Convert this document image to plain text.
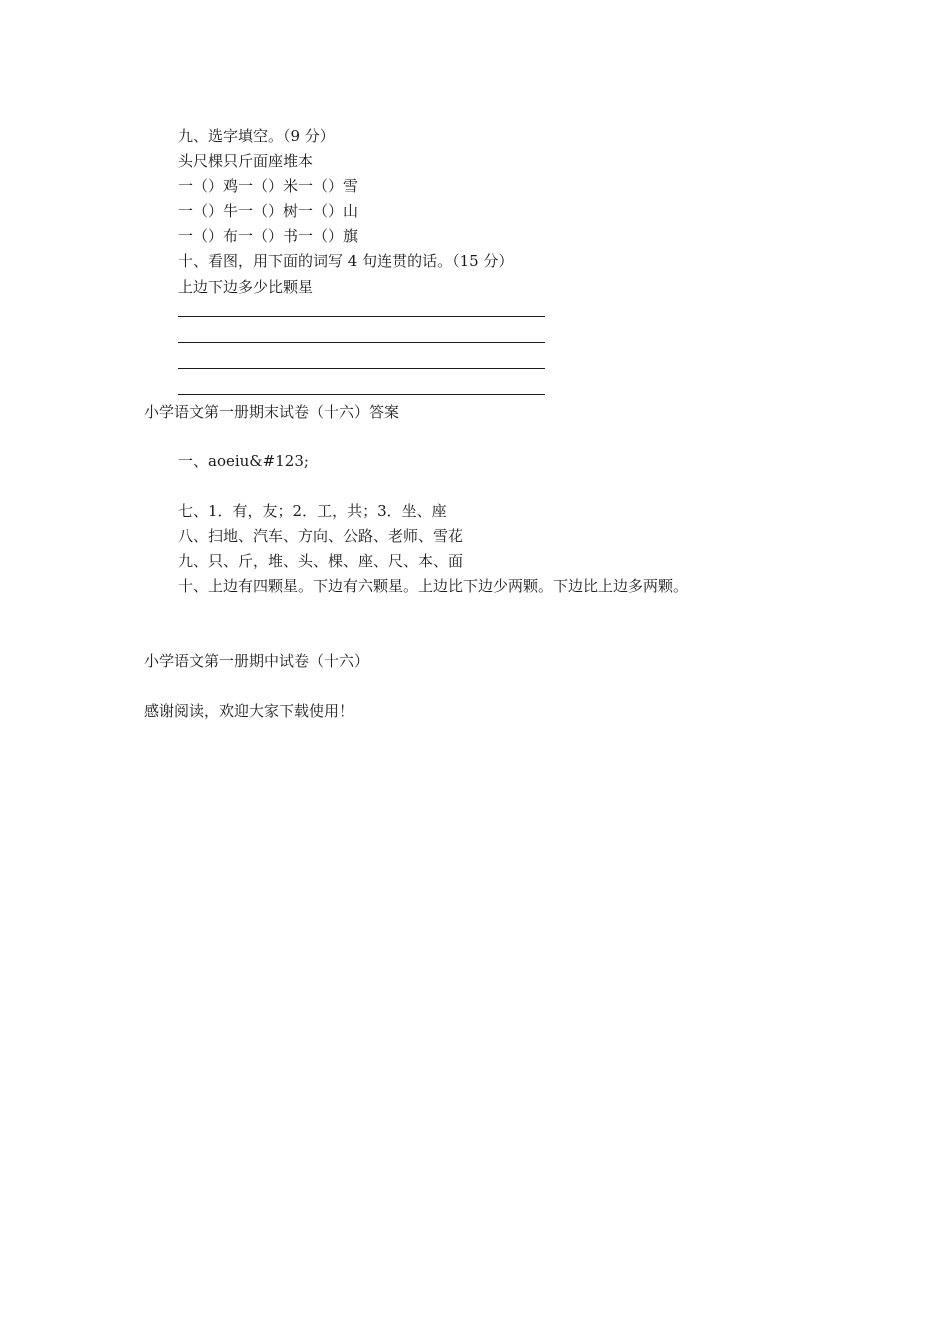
九、选字填空。（9 分）
头尺棵只斤面座堆本
一（）鸡一（）米一（）雪
一（）牛一（）树一（）山
一（）布一（）书一（）旗
十、看图，用下面的词写 4 句连贯的话。（15 分）
上边下边多少比颗星
小学语文第一册期末试卷（十六）答案
一、aoeiu&#123;
七、1．有，友；2．工，共；3．坐、座
八、扫地、汽车、方向、公路、老师、雪花
九、只、斤，堆、头、棵、座、尺、本、面
十、上边有四颗星。下边有六颗星。上边比下边少两颗。下边比上边多两颗。
小学语文第一册期中试卷（十六）
感谢阅读，欢迎大家下载使用！
